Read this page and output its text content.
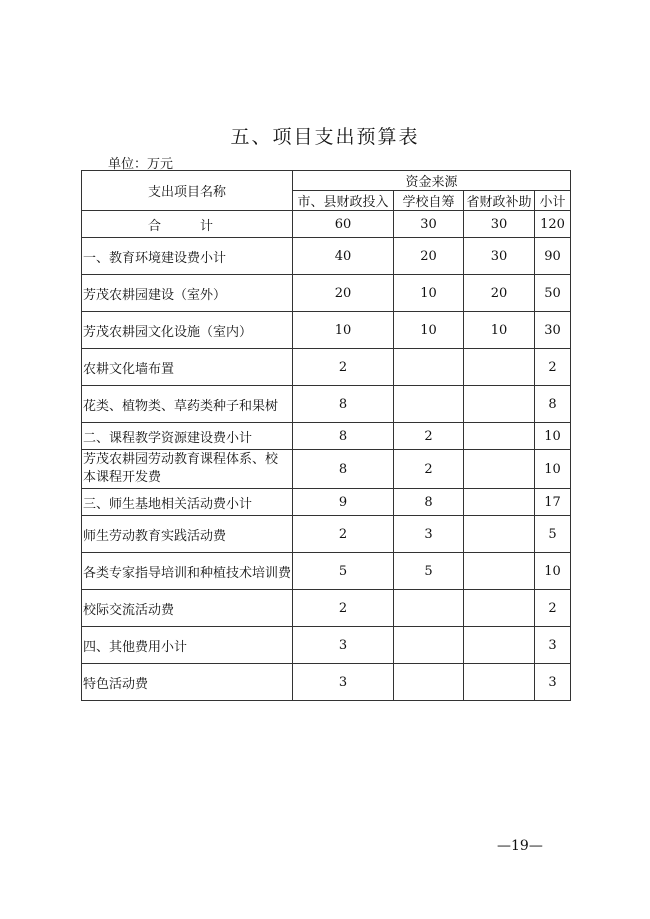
五、项目支出预算表
单位：万元
支出项目名称	资金来源			
	市、县财政投入	学校自筹	省财政补助	小计
合　计	60	30	30	120
一、教育环境建设费小计	40	20	30	90
芳茂农耕园建设（室外）	20	10	20	50
芳茂农耕园文化设施（室内）	10	10	10	30
农耕文化墙布置	2			2
花类、植物类、草药类种子和果树	8			8
二、课程教学资源建设费小计	8	2		10
芳茂农耕园劳动教育课程体系、校本课程开发费	8	2		10
三、师生基地相关活动费小计	9	8		17
师生劳动教育实践活动费	2	3		5
各类专家指导培训和种植技术培训费	5	5		10
校际交流活动费	2			2
四、其他费用小计	3			3
特色活动费	3			3
—19—
